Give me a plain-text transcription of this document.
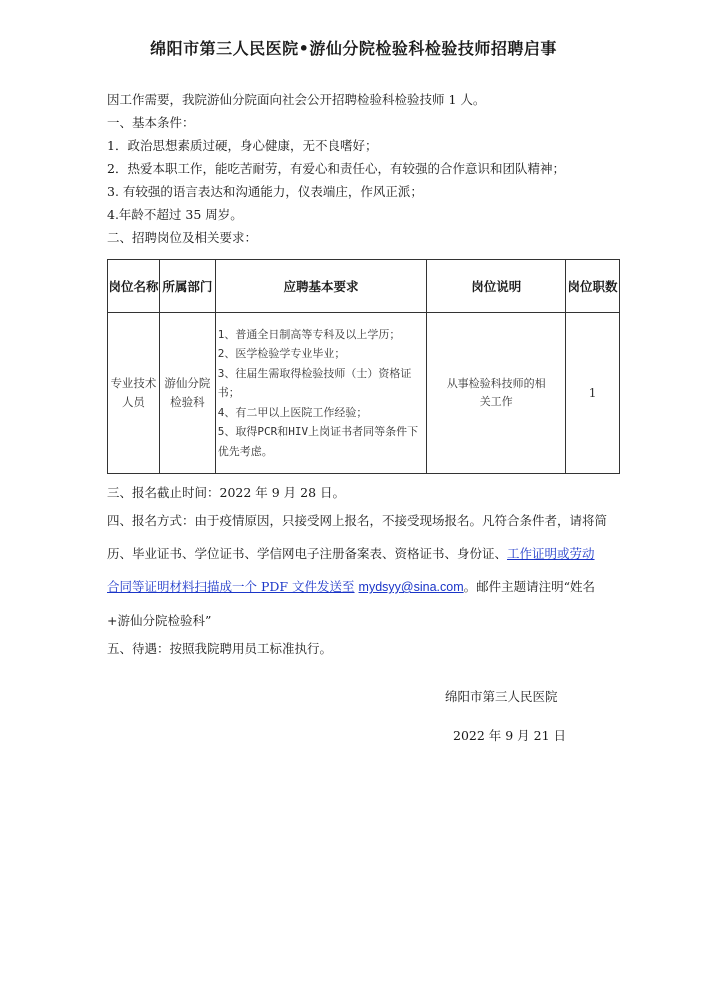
绵阳市第三人民医院•游仙分院检验科检验技师招聘启事
因工作需要，我院游仙分院面向社会公开招聘检验科检验技师 1 人。
一、基本条件：
1．政治思想素质过硬，身心健康，无不良嗜好；
2．热爱本职工作，能吃苦耐劳，有爱心和责任心，有较强的合作意识和团队精神；
3. 有较强的语言表达和沟通能力，仪表端庄，作风正派；
4.年龄不超过 35 周岁。
二、招聘岗位及相关要求：
岗位名称	所属部门	应聘基本要求	岗位说明	岗位职数
专业技术人员	游仙分院检验科	1、普通全日制高等专科及以上学历；
2、医学检验学专业毕业；
3、往届生需取得检验技师（士）资格证书；
4、有二甲以上医院工作经验；
5、取得PCR和HIV上岗证书者同等条件下优先考虑。	从事检验科技师的相关工作	1
三、报名截止时间：2022 年 9 月 28 日。
四、报名方式：由于疫情原因，只接受网上报名，不接受现场报名。凡符合条件者，请将简历、毕业证书、学位证书、学信网电子注册备案表、资格证书、身份证、工作证明或劳动合同等证明材料扫描成一个 PDF 文件发送至 mydsyy@sina.com。邮件主题请注明“姓名+游仙分院检验科”
五、待遇：按照我院聘用员工标准执行。
绵阳市第三人民医院
2022 年 9 月 21 日
